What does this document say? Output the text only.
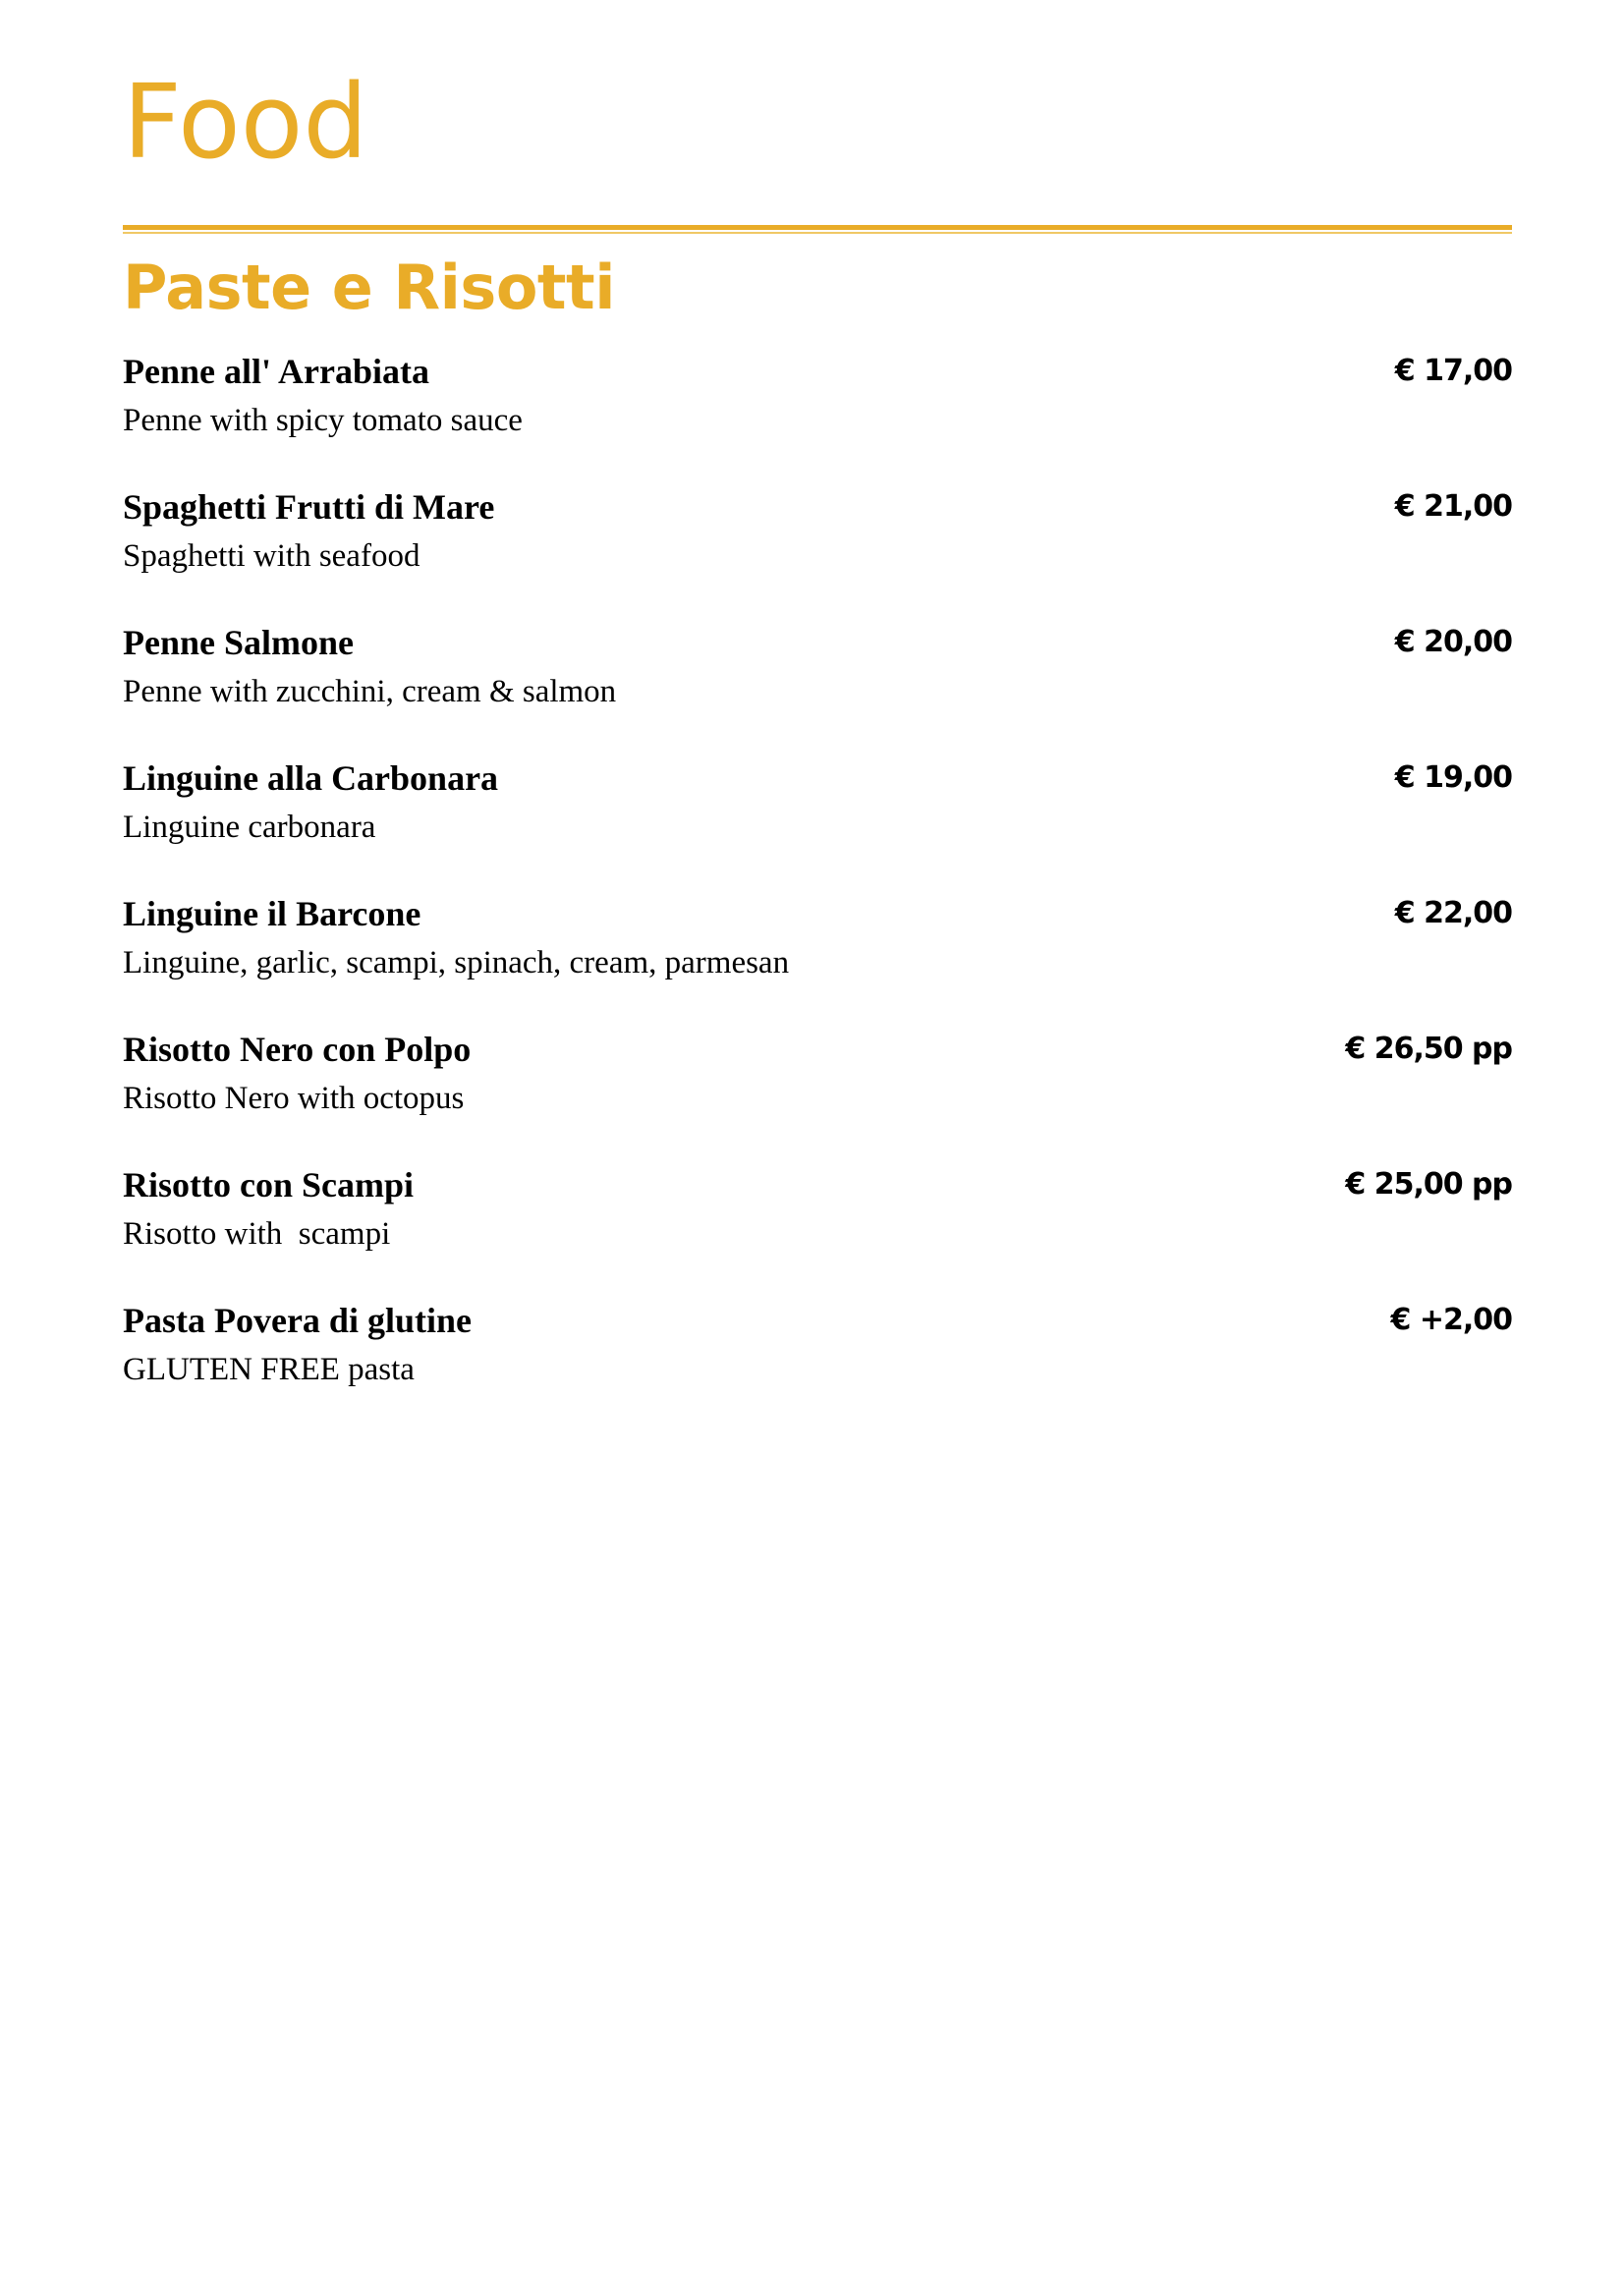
Food
Paste e Risotti
Penne all' Arrabiata	€ 17,00
Penne with spicy tomato sauce
Spaghetti Frutti di Mare	€ 21,00
Spaghetti with seafood
Penne Salmone	€ 20,00
Penne with zucchini, cream & salmon
Linguine alla Carbonara	€ 19,00
Linguine carbonara
Linguine il Barcone	€ 22,00
Linguine, garlic, scampi, spinach, cream, parmesan
Risotto Nero con Polpo	€ 26,50 pp
Risotto Nero with octopus
Risotto con Scampi	€ 25,00 pp
Risotto with  scampi
Pasta Povera di glutine	€ +2,00
GLUTEN FREE pasta
